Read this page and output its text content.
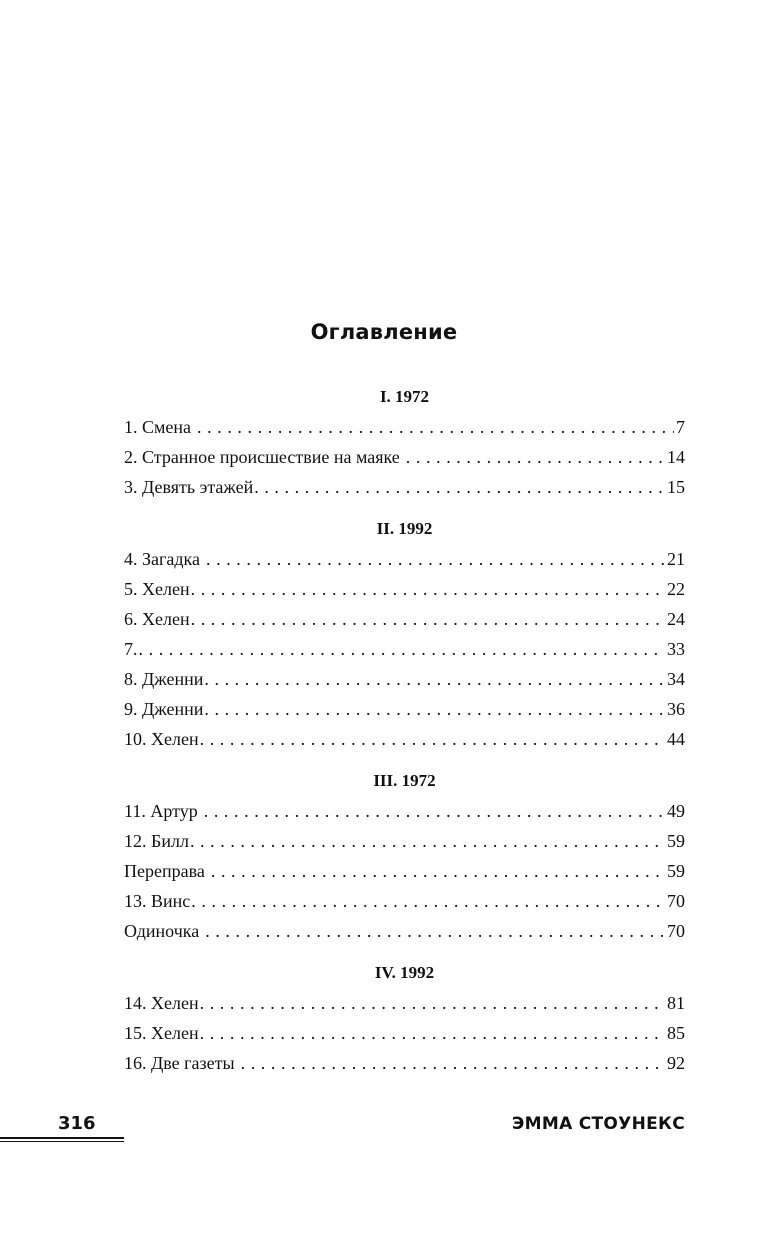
Оглавление
I. 1972
1. Смена . . .	7
2. Странное происшествие на маяке . . .	14
3. Девять этажей . . .	15
II. 1992
4. Загадка . . .	21
5. Хелен . . .	22
6. Хелен . . .	24
7. . . .	33
8. Дженни . . .	34
9. Дженни . . .	36
10. Хелен . . .	44
III. 1972
11. Артур . . .	49
12. Билл . . .	59
Переправа . . .	59
13. Винс . . .	70
Одиночка . . .	70
IV. 1992
14. Хелен . . .	81
15. Хелен . . .	85
16. Две газеты . . .	92
316	ЭММА СТОУНЕКС
